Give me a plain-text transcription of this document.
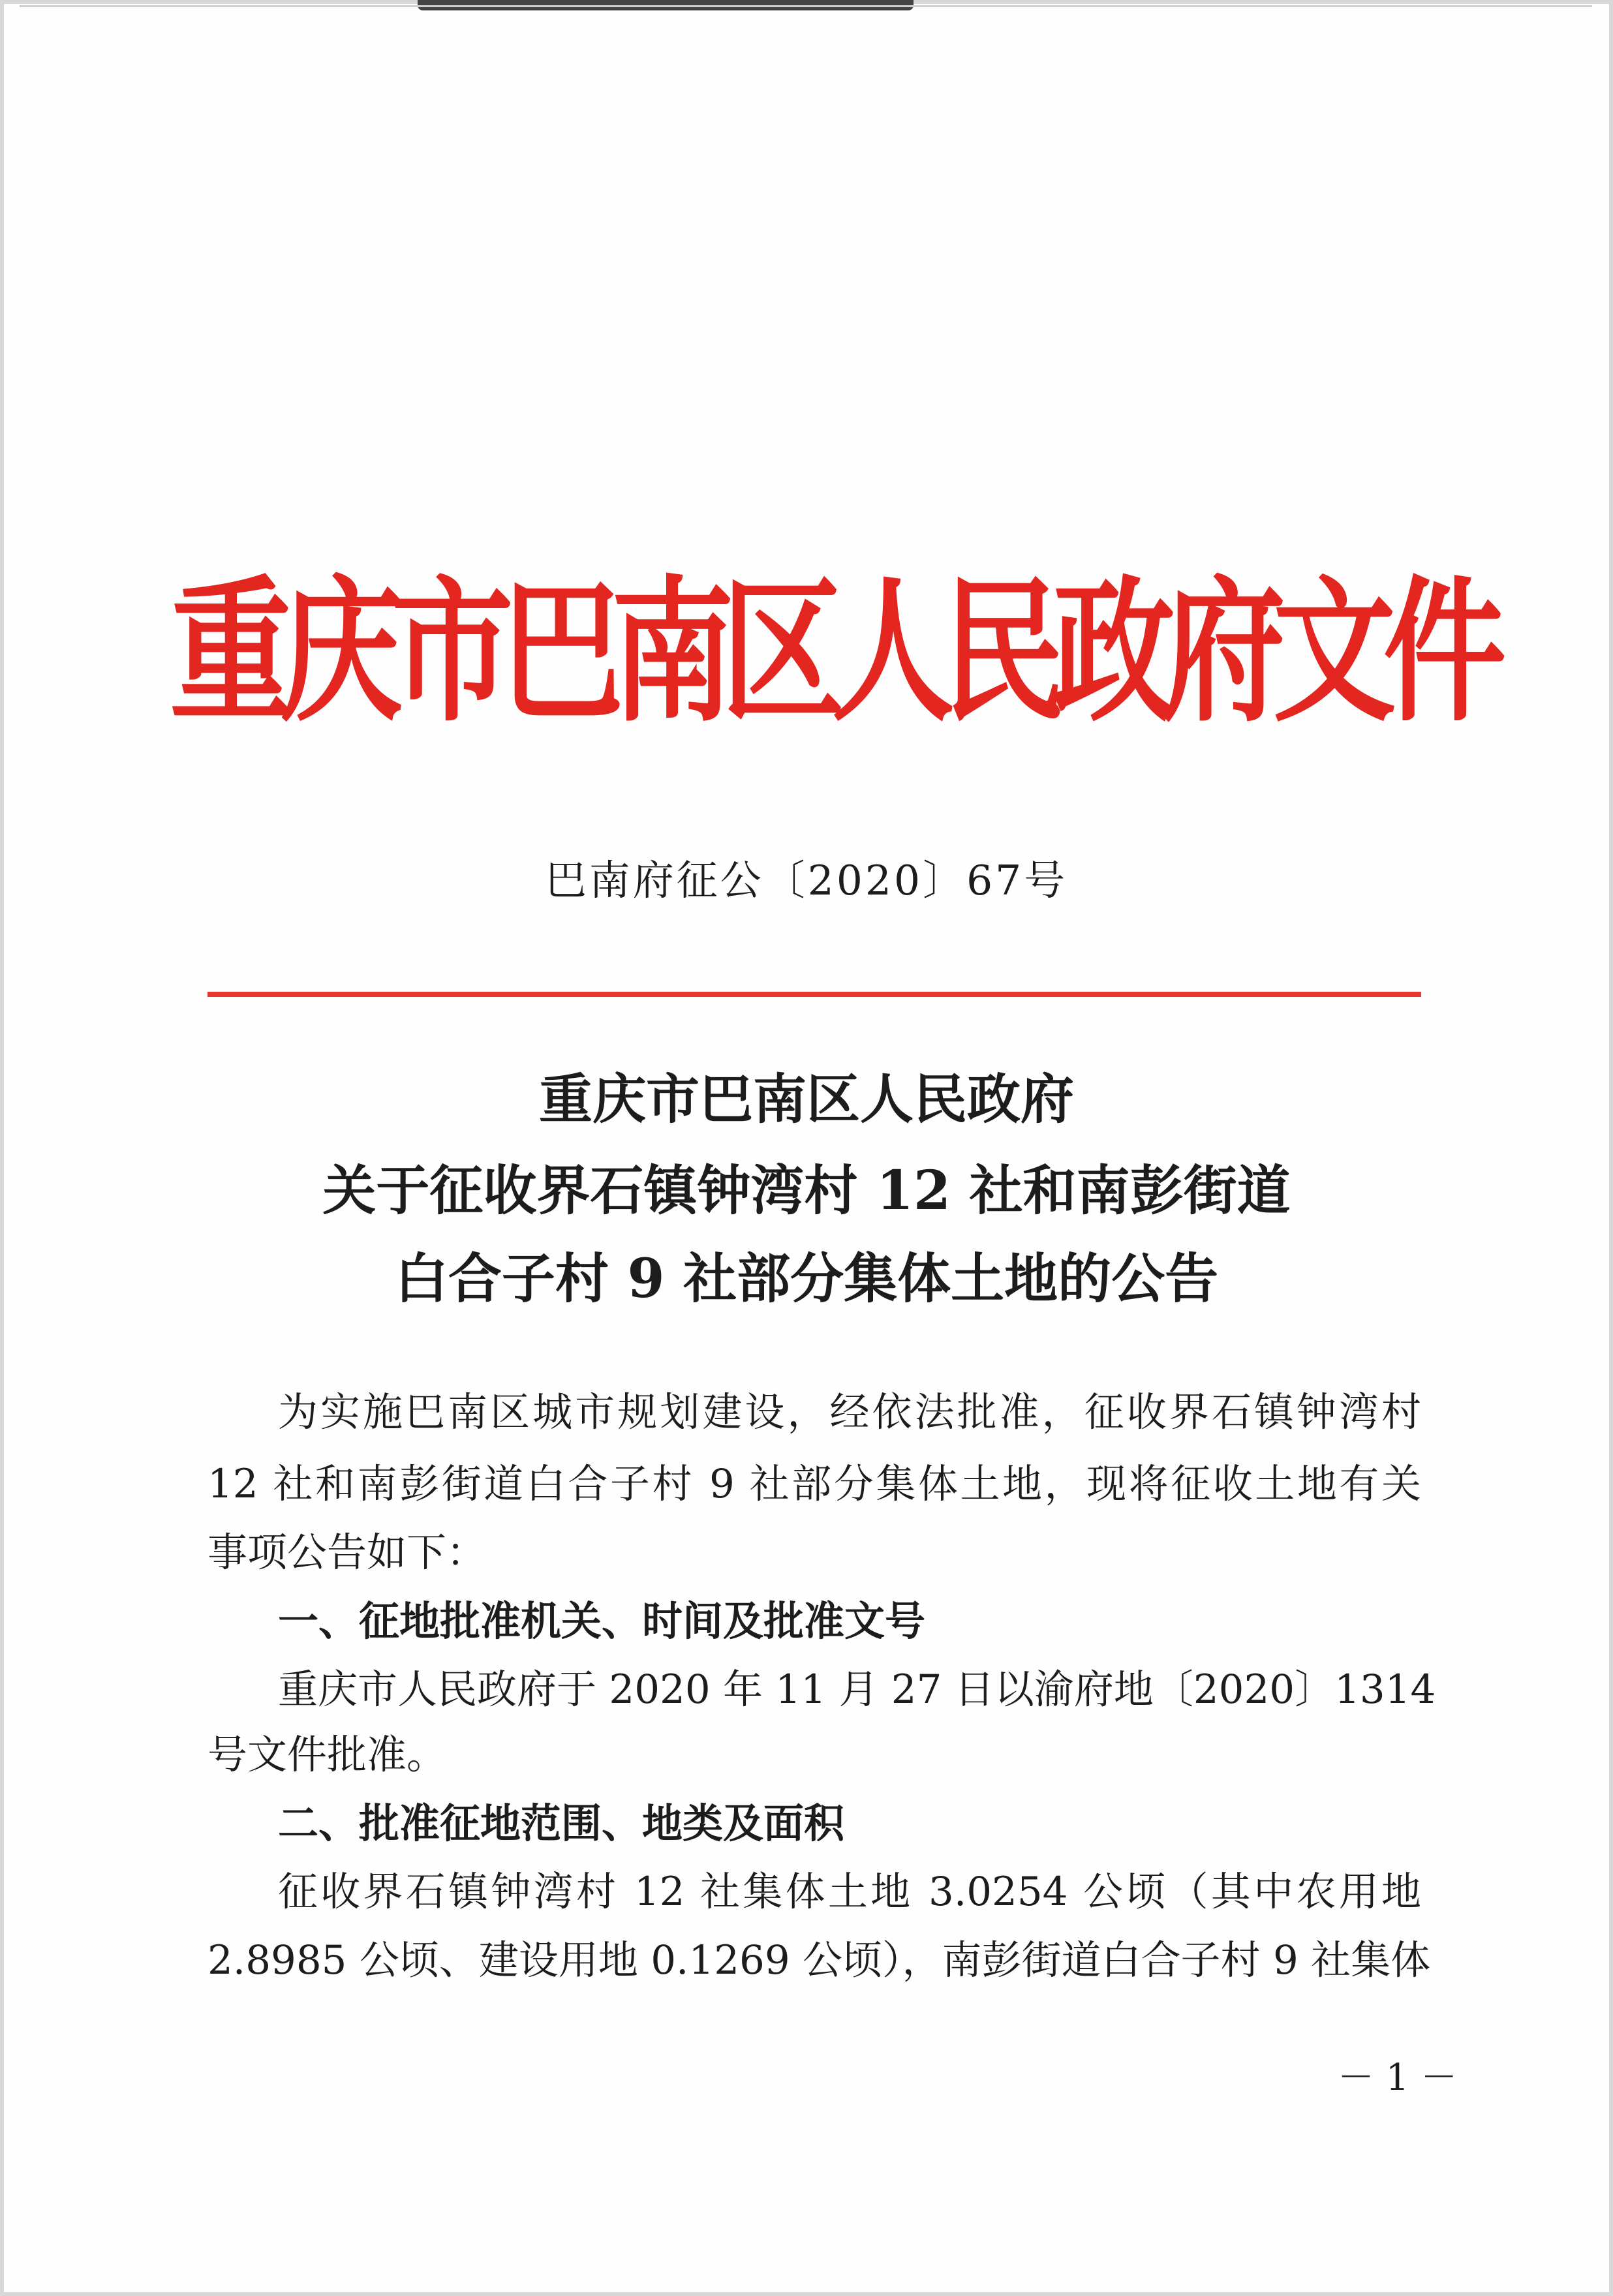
重庆市巴南区人民政府文件
巴南府征公〔2020〕67号
重庆市巴南区人民政府
关于征收界石镇钟湾村 12 社和南彭街道
白合子村 9 社部分集体土地的公告
为实施巴南区城市规划建设，经依法批准，征收界石镇钟湾村
12 社和南彭街道白合子村 9 社部分集体土地，现将征收土地有关
事项公告如下：
一、征地批准机关、时间及批准文号
重庆市人民政府于 2020 年 11 月 27 日以渝府地〔2020〕1314
号文件批准。
二、批准征地范围、地类及面积
征收界石镇钟湾村 12 社集体土地 3.0254 公顷（其中农用地
2.8985 公顷、建设用地 0.1269 公顷），南彭街道白合子村 9 社集体
－ 1 －
